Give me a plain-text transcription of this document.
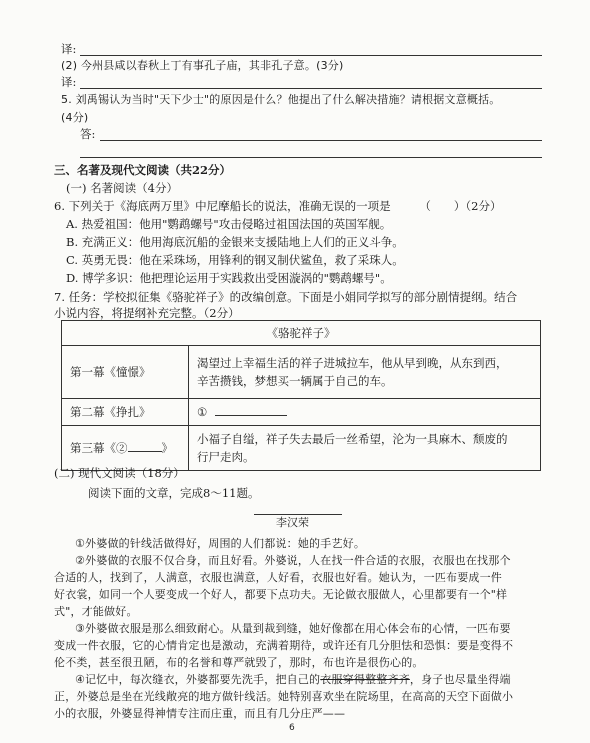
译:
(2) 今州县咸以春秋上丁有事孔子庙，其非孔子意。(3分)
译:
5. 刘禹锡认为当时"天下少士"的原因是什么？他提出了什么解决措施？请根据文意概括。
(4分)
答:
三、名著及现代文阅读（共22分）
(一) 名著阅读（4分）
6. 下列关于《海底两万里》中尼摩船长的说法，准确无误的一项是　　　（　　）（2分）
A. 热爱祖国：他用"鹦鹉螺号"攻击侵略过祖国法国的英国军舰。
B. 充满正义：他用海底沉船的金银来支援陆地上人们的正义斗争。
C. 英勇无畏：他在采珠场，用锋利的钢叉制伏鲨鱼，救了采珠人。
D. 博学多识：他把理论运用于实践救出受困漩涡的"鹦鹉螺号"。
7. 任务：学校拟征集《骆驼祥子》的改编创意。下面是小娟同学拟写的部分剧情提纲。结合
小说内容，将提纲补充完整。（2分）
《骆驼祥子》	
第一幕《憧憬》	渴望过上幸福生活的祥子进城拉车，他从早到晚，从东到西，
辛苦攒钱，梦想买一辆属于自己的车。

第二幕《挣扎》	①
第三幕《② 》	小福子自缢，祥子失去最后一丝希望，沦为一具麻木、颓废的
行尸走肉。
(二) 现代文阅读（18分）
阅读下面的文章，完成8～11题。
李汉荣
①外婆做的针线活做得好，周围的人们都说：她的手艺好。
②外婆做的衣服不仅合身，而且好看。外婆说，人在找一件合适的衣服，衣服也在找那个
合适的人，找到了，人满意，衣服也满意，人好看，衣服也好看。她认为，一匹布要成一件
好衣裳，如同一个人要变成一个好人，都要下点功夫。无论做衣服做人，心里都要有一个"样
式"，才能做好。
③外婆做衣服是那么细致耐心。从量到裁到缝，她好像都在用心体会布的心情，一匹布要
变成一件衣服，它的心情肯定也是激动，充满着期待，或许还有几分胆怯和恐惧：要是变得不
伦不类，甚至很丑陋，布的名誉和尊严就毁了，那时，布也许是很伤心的。
④记忆中，每次缝衣，外婆都要先洗手，把自己的衣服穿得整整齐齐，身子也尽量坐得端
正，外婆总是坐在光线敞亮的地方做针线活。她特别喜欢坐在院场里，在高高的天空下面做小
小的衣服，外婆显得神情专注而庄重，而且有几分庄严——
6
